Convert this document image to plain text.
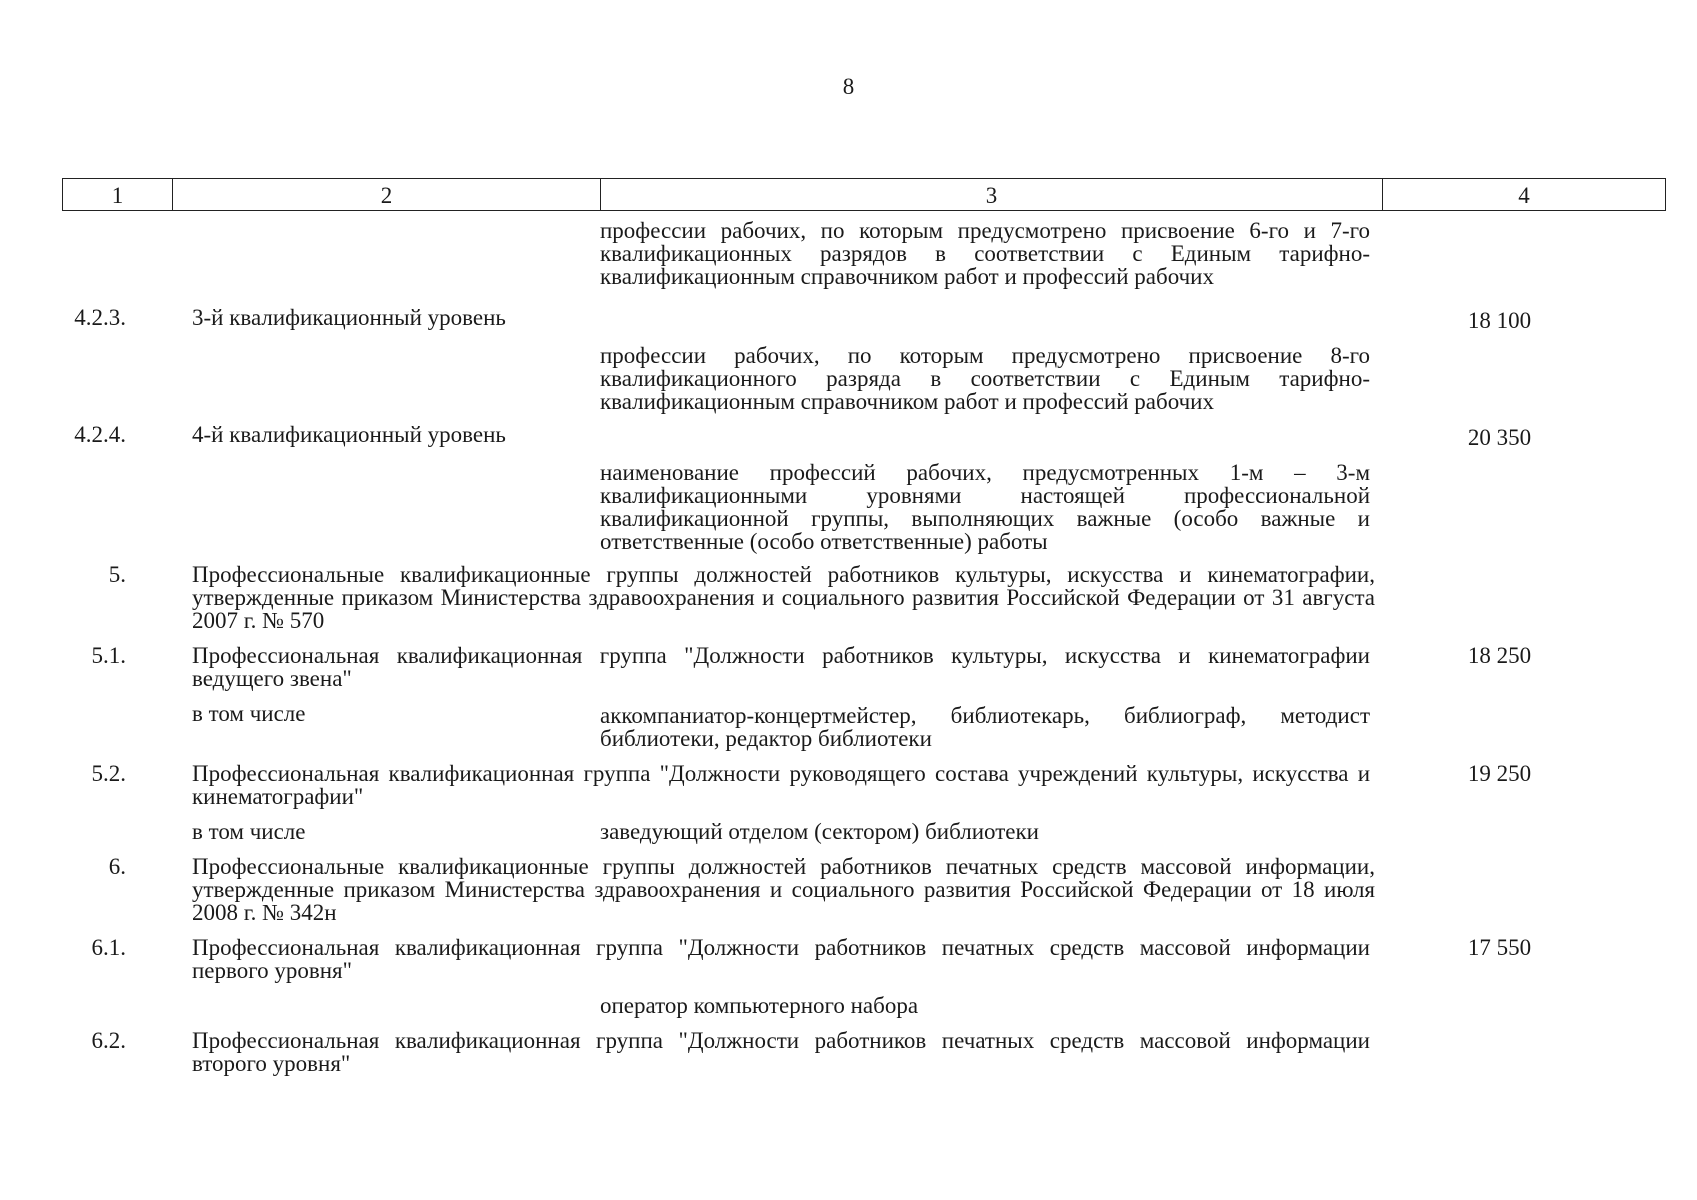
8
1	2	3	4
		профессии рабочих, по которым предусмотрено присвоение 6-го и 7-го квалификационных разрядов в соответствии с Единым тарифно-квалификационным справочником работ и профессий рабочих	

4.2.3.	3-й квалификационный уровень		18 100

		профессии рабочих, по которым предусмотрено присвоение 8-го квалификационного разряда в соответствии с Единым тарифно-квалификационным справочником работ и профессий рабочих	

4.2.4.	4-й квалификационный уровень		20 350

		наименование профессий рабочих, предусмотренных 1-м – 3-м квалификационными уровнями настоящей профессиональной квалификационной группы, выполняющих важные (особо важные и ответственные (особо ответственные) работы	

5.	Профессиональные квалификационные группы должностей работников культуры, искусства и кинематографии, утвержденные приказом Министерства здравоохранения и социального развития Российской Федерации от 31 августа 2007 г. № 570		

5.1.	Профессиональная квалификационная группа "Должности работников культуры, искусства и кинематографии ведущего звена"		18 250

	в том числе	аккомпаниатор-концертмейстер, библиотекарь, библиограф, методист библиотеки, редактор библиотеки	

5.2.	Профессиональная квалификационная группа "Должности руководящего состава учреждений культуры, искусства и кинематографии"		19 250

	в том числе	заведующий отделом (сектором) библиотеки	

6.	Профессиональные квалификационные группы должностей работников печатных средств массовой информации, утвержденные приказом Министерства здравоохранения и социального развития Российской Федерации от 18 июля 2008 г. № 342н		

6.1.	Профессиональная квалификационная группа "Должности работников печатных средств массовой информации первого уровня"		17 550

		оператор компьютерного набора	

6.2.	Профессиональная квалификационная группа "Должности работников печатных средств массовой информации второго уровня"		
